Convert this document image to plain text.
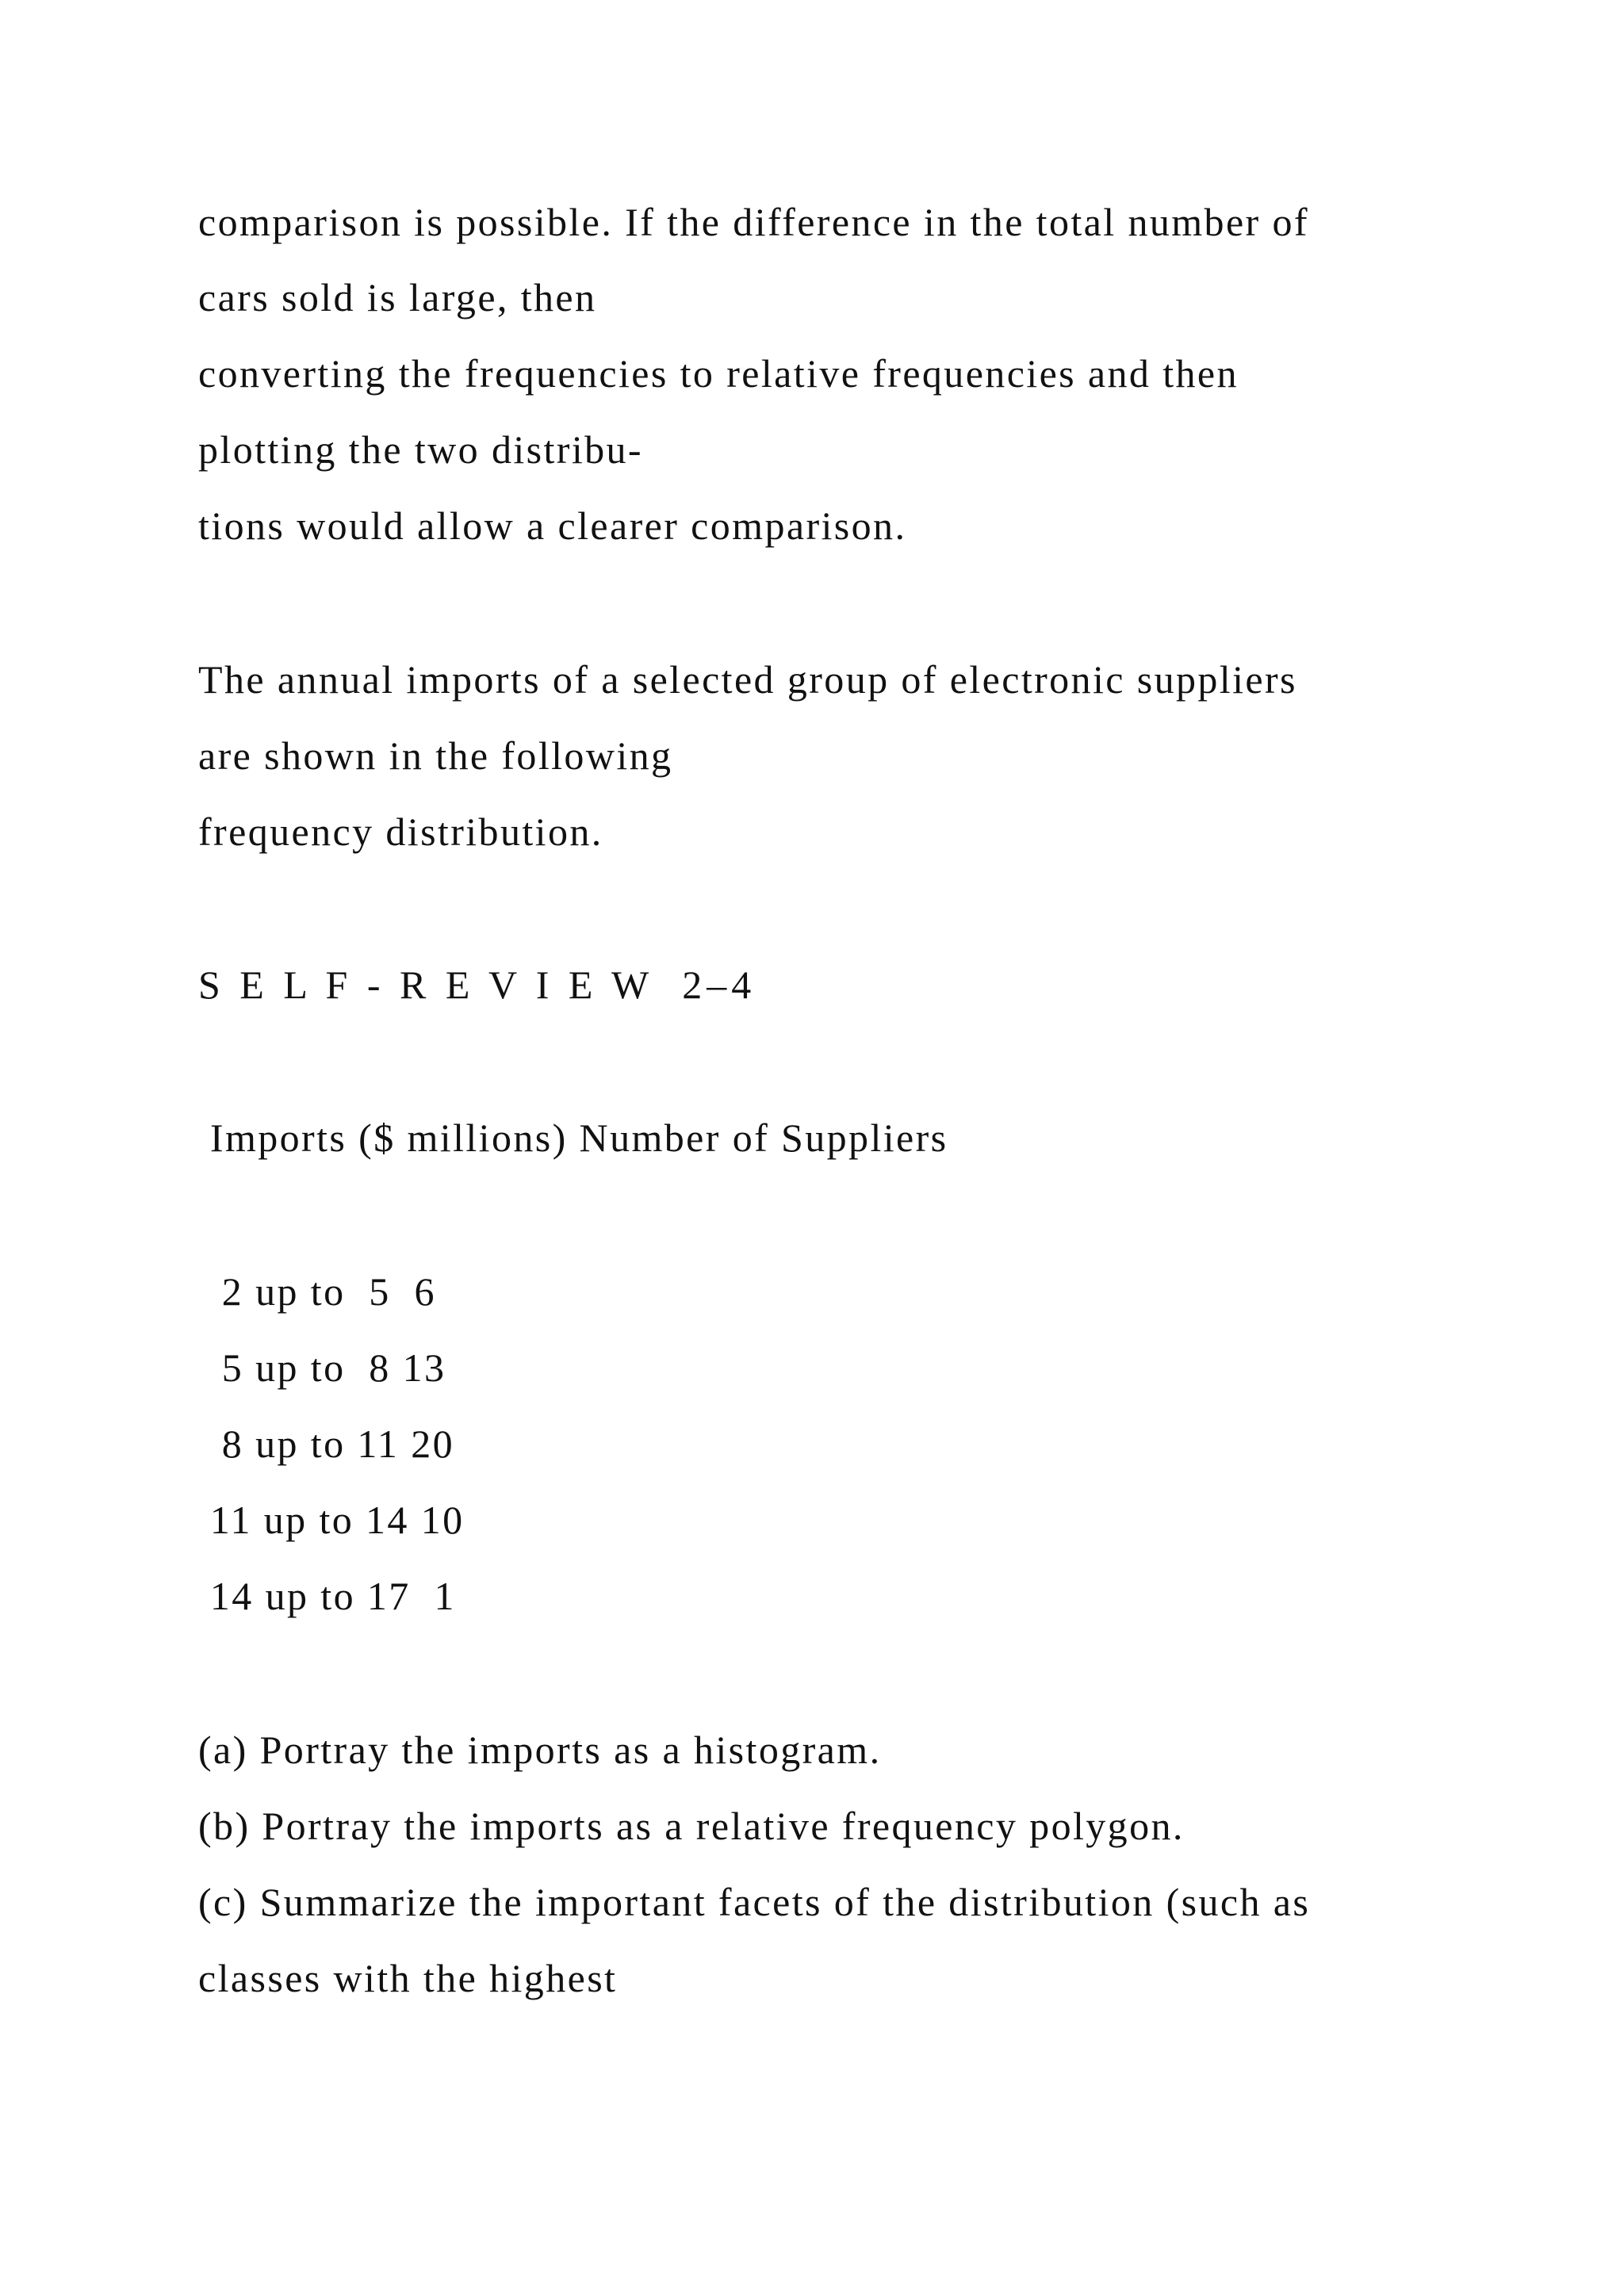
comparison is possible. If the difference in the total number of
cars sold is large, then
converting the frequencies to relative frequencies and then
plotting the two distribu-
tions would allow a clearer comparison.
The annual imports of a selected group of electronic suppliers
are shown in the following
frequency distribution.
S E L F - R E V I E W  2–4
Imports ($ millions) Number of Suppliers
2 up to  5  6
5 up to  8 13
8 up to 11 20
11 up to 14 10
14 up to 17  1
(a) Portray the imports as a histogram.
(b) Portray the imports as a relative frequency polygon.
(c) Summarize the important facets of the distribution (such as
classes with the highest
